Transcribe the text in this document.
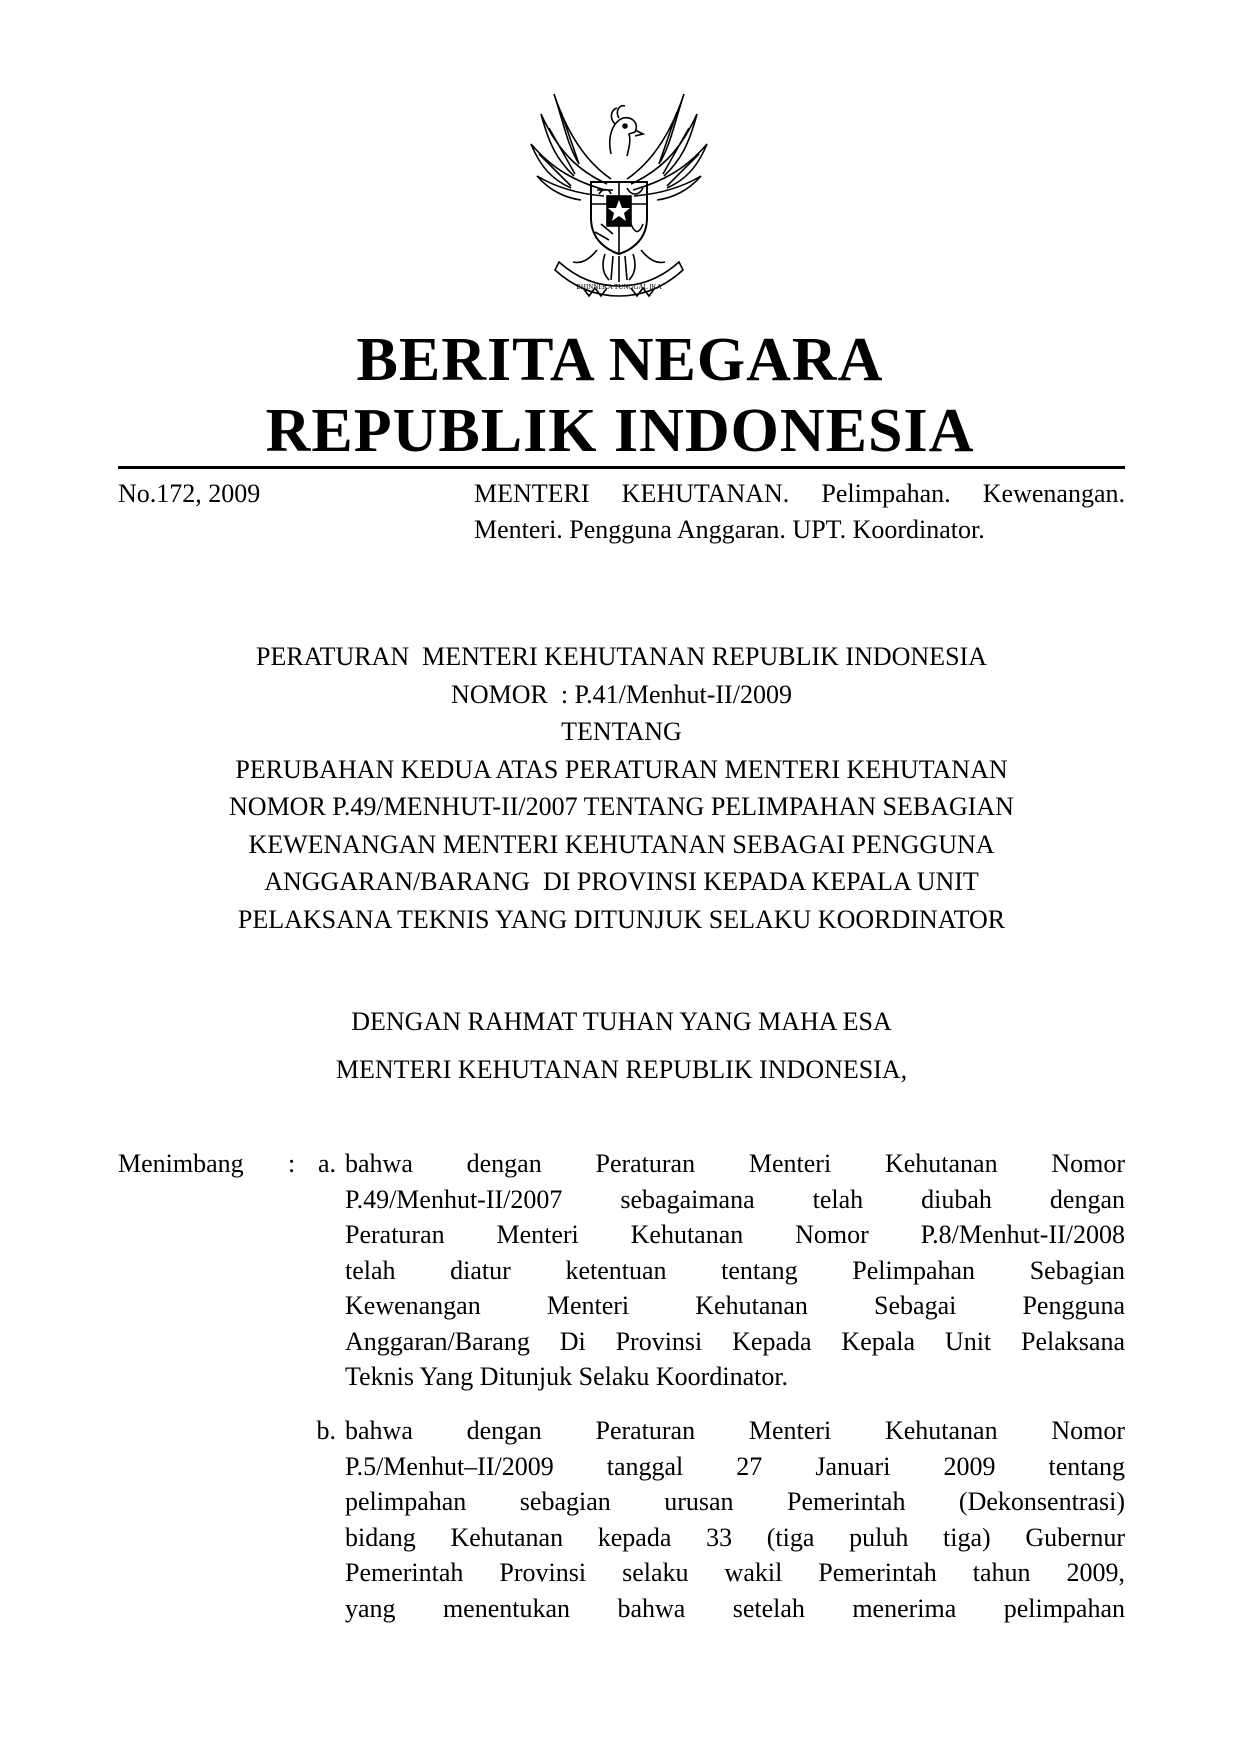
BHINNEKA TUNGGAL IKA
BERITA NEGARA
REPUBLIK INDONESIA
No.172, 2009	MENTERI KEHUTANAN. Pelimpahan. Kewenangan. Menteri. Pengguna Anggaran. UPT. Koordinator.
PERATURAN  MENTERI KEHUTANAN REPUBLIK INDONESIA
NOMOR  : P.41/Menhut-II/2009
TENTANG
PERUBAHAN KEDUA ATAS PERATURAN MENTERI KEHUTANAN
NOMOR P.49/MENHUT-II/2007 TENTANG PELIMPAHAN SEBAGIAN
KEWENANGAN MENTERI KEHUTANAN SEBAGAI PENGGUNA
ANGGARAN/BARANG  DI PROVINSI KEPADA KEPALA UNIT
PELAKSANA TEKNIS YANG DITUNJUK SELAKU KOORDINATOR
DENGAN RAHMAT TUHAN YANG MAHA ESA
MENTERI KEHUTANAN REPUBLIK INDONESIA,
Menimbang : a. bahwa dengan Peraturan Menteri Kehutanan Nomor
P.49/Menhut-II/2007 sebagaimana telah diubah dengan
Peraturan Menteri Kehutanan Nomor P.8/Menhut-II/2008
telah diatur ketentuan tentang Pelimpahan Sebagian
Kewenangan Menteri Kehutanan Sebagai Pengguna
Anggaran/Barang Di Provinsi Kepada Kepala Unit Pelaksana
Teknis Yang Ditunjuk Selaku Koordinator.
b. bahwa dengan Peraturan Menteri Kehutanan Nomor
P.5/Menhut–II/2009 tanggal 27 Januari 2009 tentang
pelimpahan sebagian urusan Pemerintah (Dekonsentrasi)
bidang Kehutanan kepada 33 (tiga puluh tiga) Gubernur
Pemerintah Provinsi selaku wakil Pemerintah tahun 2009,
yang menentukan bahwa setelah menerima pelimpahan
